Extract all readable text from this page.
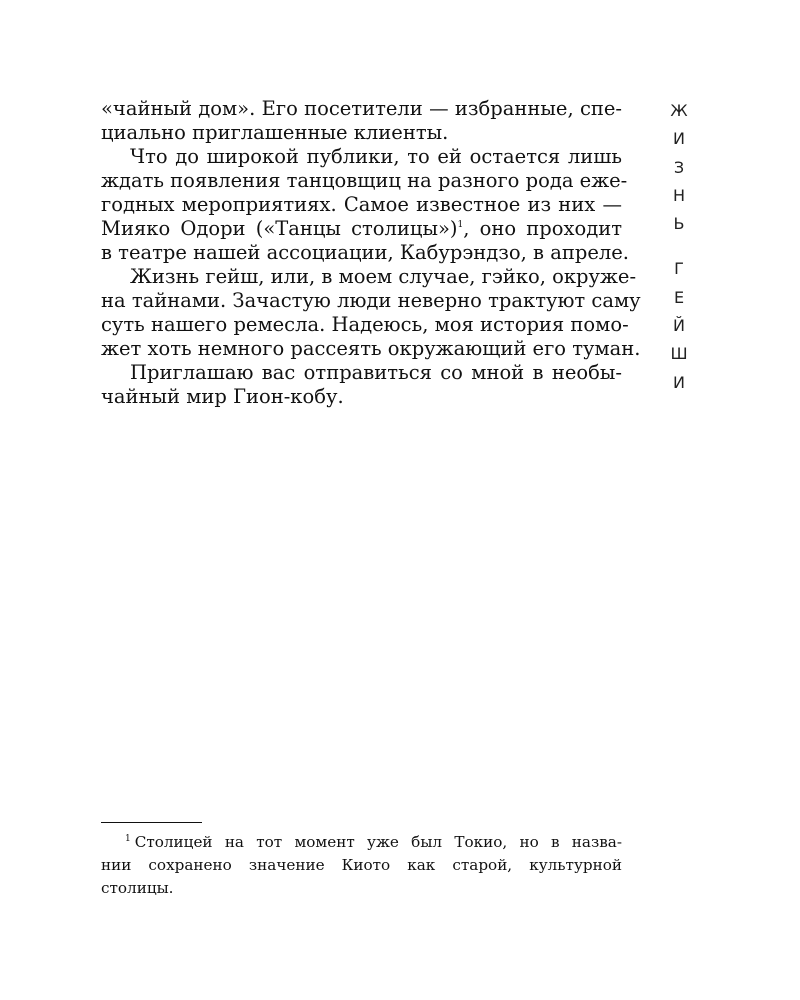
«чайный дом». Его посетители — избранные, спе-
циально приглашенные клиенты.
Что до широкой публики, то ей остается лишь
ждать появления танцовщиц на разного рода еже-
годных мероприятиях. Самое известное из них —
Мияко Одори («Танцы столицы»)$^1$, оно проходит
в театре нашей ассоциации, Кабурэндзо, в апреле.
Жизнь гейш, или, в моем случае, гэйко, окруже-
на тайнами. Зачастую люди неверно трактуют саму
суть нашего ремесла. Надеюсь, моя история помо-
жет хоть немного рассеять окружающий его туман.
Приглашаю вас отправиться со мной в необы-
чайный мир Гион-кобу.
Ж
И
З
Н
Ь
Г
Е
Й
Ш
И
$^1$ Столицей на тот момент уже был Токио, но в назва-
нии сохранено значение Киото как старой, культурной
столицы.
